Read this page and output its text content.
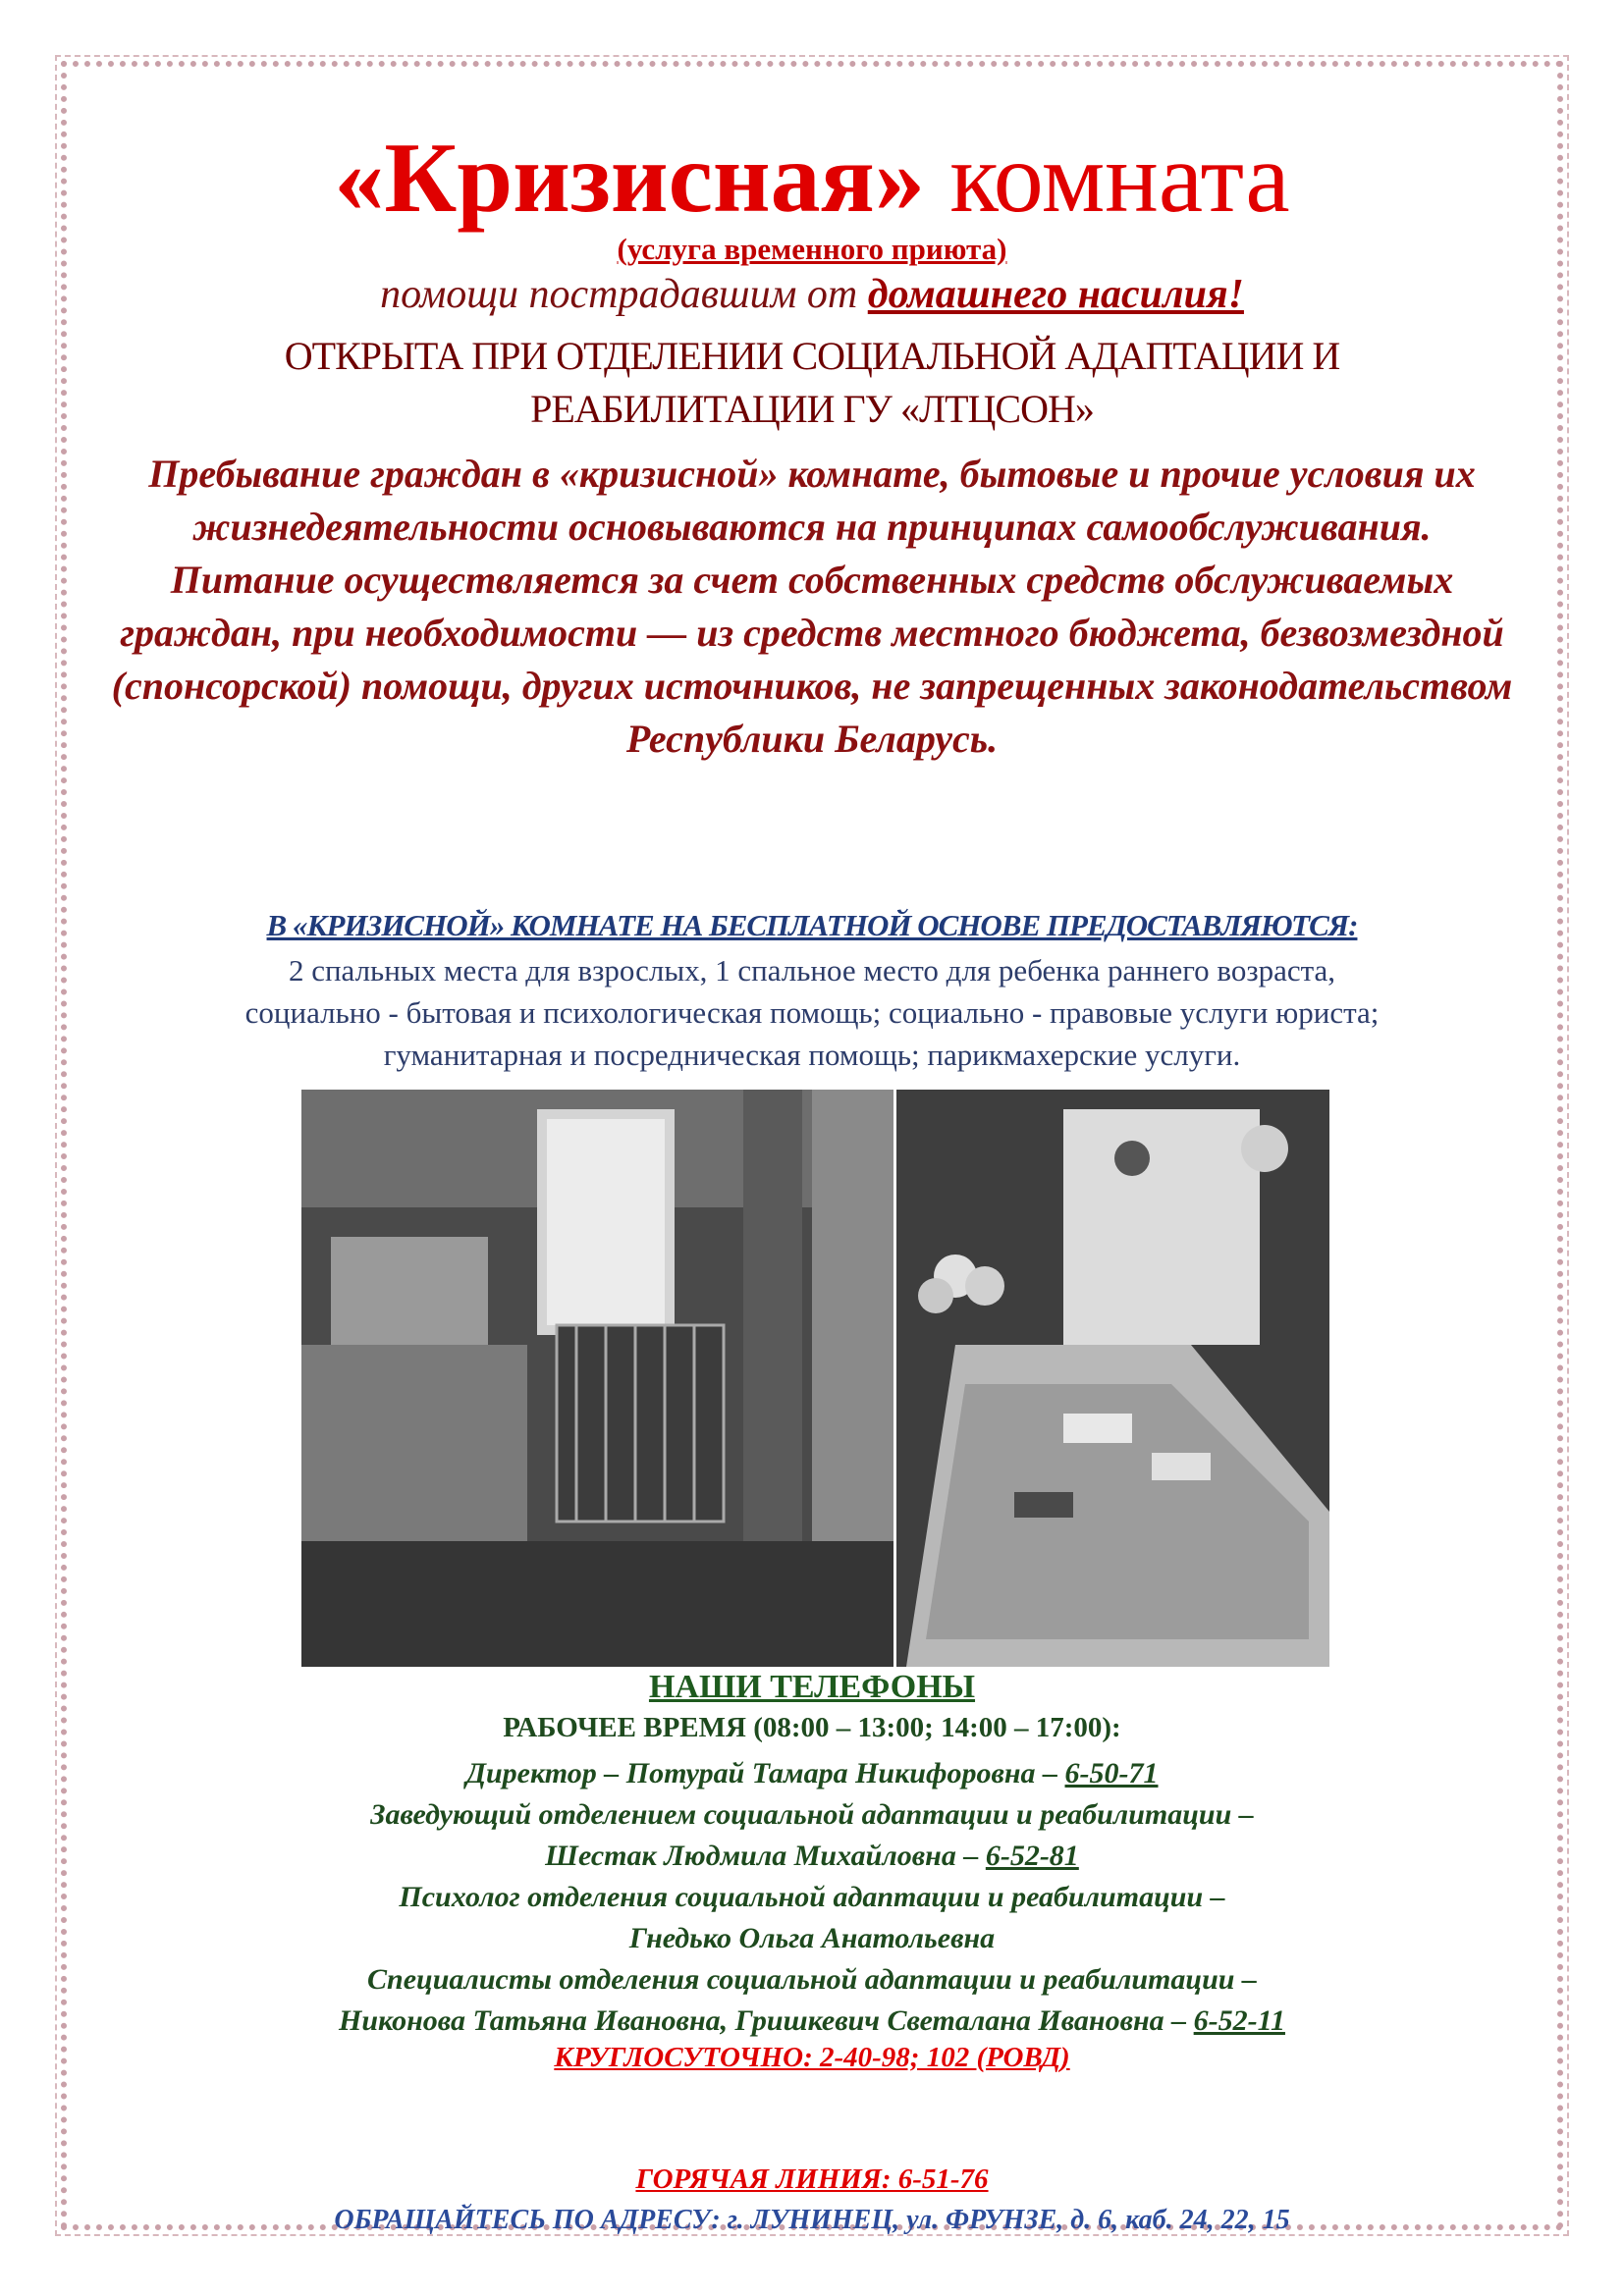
«Кризисная» комната
(услуга временного приюта)
помощи пострадавшим от домашнего насилия!
ОТКРЫТА ПРИ ОТДЕЛЕНИИ СОЦИАЛЬНОЙ АДАПТАЦИИ И
РЕАБИЛИТАЦИИ ГУ «ЛТЦСОН»
Пребывание граждан в «кризисной» комнате, бытовые и прочие условия их жизнедеятельности основываются на принципах самообслуживания.
Питание осуществляется за счет собственных средств обслуживаемых граждан, при необходимости — из средств местного бюджета, безвозмездной (спонсорской) помощи, других источников, не запрещенных законодательством Республики Беларусь.
В «КРИЗИСНОЙ» КОМНАТЕ НА БЕСПЛАТНОЙ ОСНОВЕ ПРЕДОСТАВЛЯЮТСЯ:
2 спальных места для взрослых, 1 спальное место для ребенка раннего возраста,
социально - бытовая и психологическая помощь; социально - правовые услуги юриста;
гуманитарная и посредническая помощь; парикмахерские услуги.
НАШИ ТЕЛЕФОНЫ
РАБОЧЕЕ ВРЕМЯ (08:00 – 13:00; 14:00 – 17:00):
Директор – Потурай Тамара Никифоровна – 6-50-71
Заведующий отделением социальной адаптации и реабилитации –
Шестак Людмила Михайловна – 6-52-81
Психолог отделения социальной адаптации и реабилитации –
Гнедько Ольга Анатольевна
Специалисты отделения социальной адаптации и реабилитации –
Никонова Татьяна Ивановна, Гришкевич Светалана Ивановна – 6-52-11
КРУГЛОСУТОЧНО: 2-40-98; 102 (РОВД)
ГОРЯЧАЯ ЛИНИЯ: 6-51-76
ОБРАЩАЙТЕСЬ ПО АДРЕСУ: г. ЛУНИНЕЦ, ул. ФРУНЗЕ, д. 6, каб. 24, 22, 15
